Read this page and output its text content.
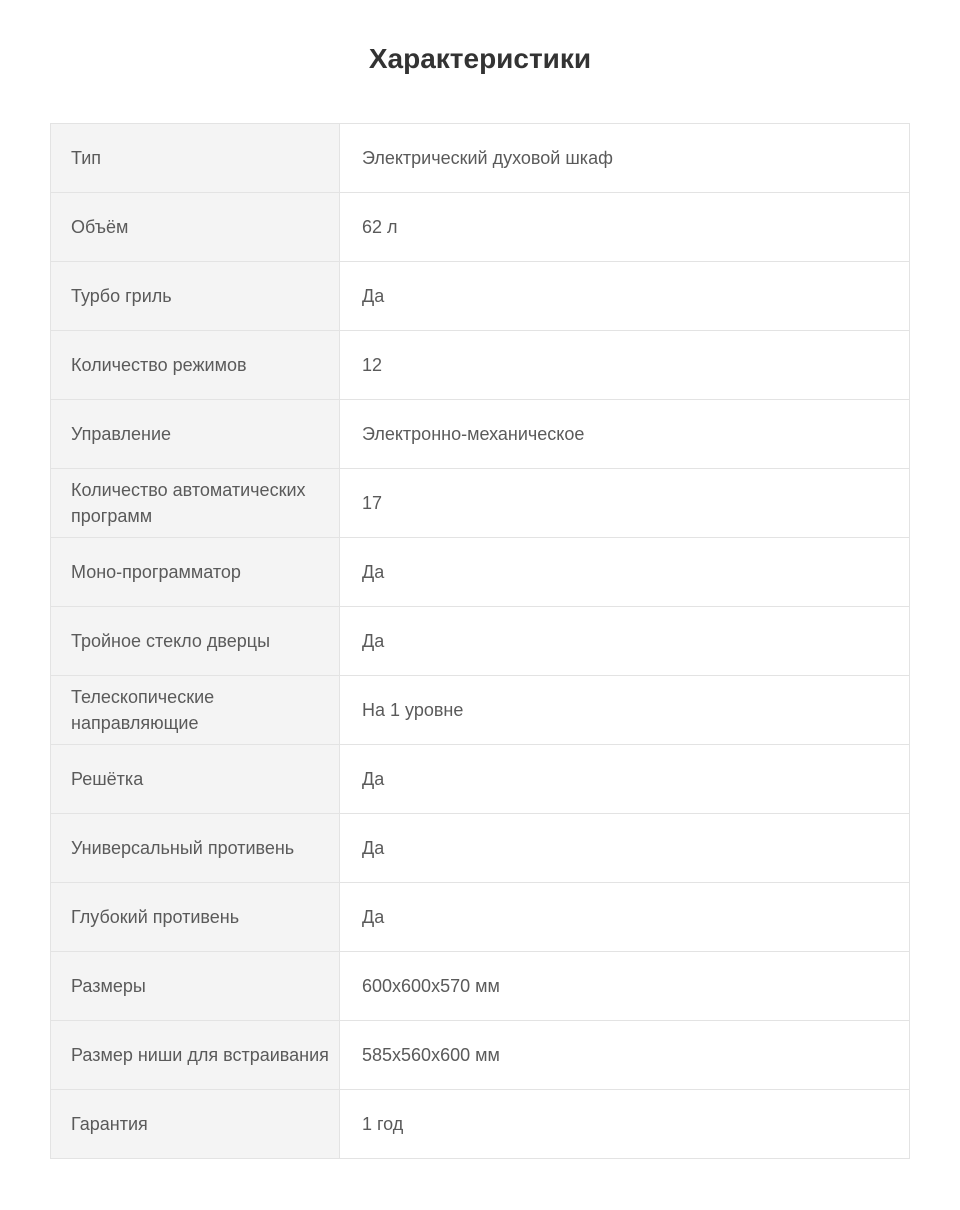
Характеристики
Тип	Электрический духовой шкаф
Объём	62 л
Турбо гриль	Да
Количество режимов	12
Управление	Электронно-механическое
Количество автоматических программ	17
Моно-программатор	Да
Тройное стекло дверцы	Да
Телескопические направляющие	На 1 уровне
Решётка	Да
Универсальный противень	Да
Глубокий противень	Да
Размеры	600х600х570 мм
Размер ниши для встраивания	585х560х600 мм
Гарантия	1 год
